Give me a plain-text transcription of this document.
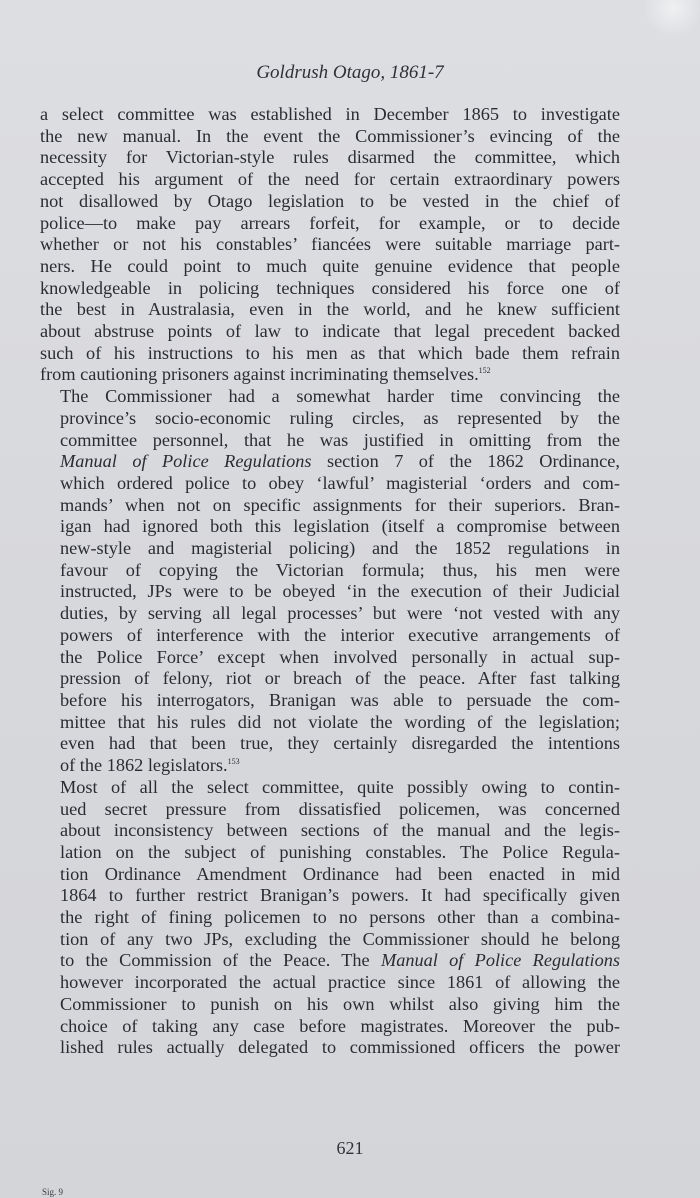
Goldrush Otago, 1861-7

a select committee was established in December 1865 to investigate
the new manual. In the event the Commissioner’s evincing of the
necessity for Victorian-style rules disarmed the committee, which
accepted his argument of the need for certain extraordinary powers
not disallowed by Otago legislation to be vested in the chief of
police—to make pay arrears forfeit, for example, or to decide
whether or not his constables’ fiancées were suitable marriage part-
ners. He could point to much quite genuine evidence that people
knowledgeable in policing techniques considered his force one of
the best in Australasia, even in the world, and he knew sufficient
about abstruse points of law to indicate that legal precedent backed
such of his instructions to his men as that which bade them refrain
from cautioning prisoners against incriminating themselves.$^{152}$

The Commissioner had a somewhat harder time convincing the
province’s socio-economic ruling circles, as represented by the
committee personnel, that he was justified in omitting from the
Manual of Police Regulations section 7 of the 1862 Ordinance,
which ordered police to obey ‘lawful’ magisterial ‘orders and com-
mands’ when not on specific assignments for their superiors. Bran-
igan had ignored both this legislation (itself a compromise between
new-style and magisterial policing) and the 1852 regulations in
favour of copying the Victorian formula; thus, his men were
instructed, JPs were to be obeyed ‘in the execution of their Judicial
duties, by serving all legal processes’ but were ‘not vested with any
powers of interference with the interior executive arrangements of
the Police Force’ except when involved personally in actual sup-
pression of felony, riot or breach of the peace. After fast talking
before his interrogators, Branigan was able to persuade the com-
mittee that his rules did not violate the wording of the legislation;
even had that been true, they certainly disregarded the intentions
of the 1862 legislators.$^{153}$

Most of all the select committee, quite possibly owing to contin-
ued secret pressure from dissatisfied policemen, was concerned
about inconsistency between sections of the manual and the legis-
lation on the subject of punishing constables. The Police Regula-
tion Ordinance Amendment Ordinance had been enacted in mid
1864 to further restrict Branigan’s powers. It had specifically given
the right of fining policemen to no persons other than a combina-
tion of any two JPs, excluding the Commissioner should he belong
to the Commission of the Peace. The Manual of Police Regulations
however incorporated the actual practice since 1861 of allowing the
Commissioner to punish on his own whilst also giving him the
choice of taking any case before magistrates. Moreover the pub-
lished rules actually delegated to commissioned officers the power

621
Sig. 9
